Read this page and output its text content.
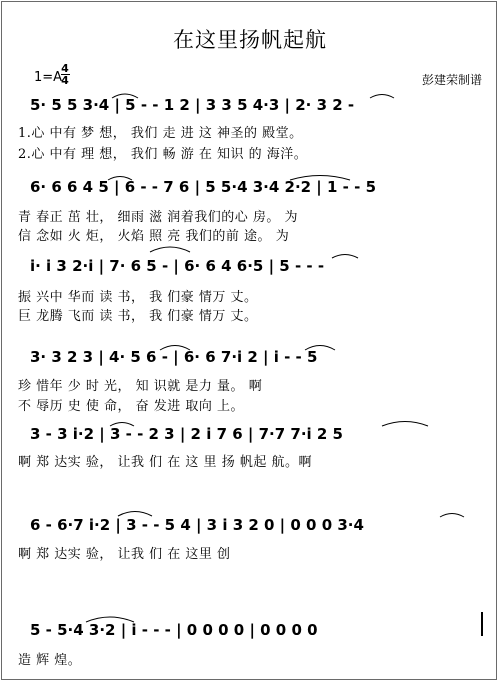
在这里扬帆起航
1=A
4
4	彭建荣制谱
5· 5 5 3·4 | 5 - - 1 2 | 3 3 5 4·3 | 2· 3 2 -
1.心 中有 梦 想， 我们 走 进 这 神圣的 殿堂。
2.心 中有 理 想， 我们 畅 游 在 知识 的 海洋。
6· 6 6 4 5 | 6 - - 7 6 | 5 5·4 3·4 2·2 | 1 - - 5
青 春正 茁 壮， 细雨 滋 润着我们的心 房。 为
信 念如 火 炬， 火焰 照 亮 我们的前 途。 为
i· i 3 2·i | 7· 6 5 - | 6· 6 4 6·5 | 5 - - -
振 兴中 华而 读 书， 我 们豪 情万 丈。
巨 龙腾 飞而 读 书， 我 们豪 情万 丈。
3· 3 2 3 | 4· 5 6 - | 6· 6 7·i 2 | i - - 5
珍 惜年 少 时 光， 知 识就 是力 量。 啊
不 辱历 史 使 命， 奋 发进 取向 上。
3 - 3 i·2 | 3 - - 2 3 | 2 i 7 6 | 7·7 7·i 2 5
啊 郑 达实 验， 让我 们 在 这 里 扬 帆起 航。啊
6 - 6·7 i·2 | 3 - - 5 4 | 3 i 3 2 0 | 0 0 0 3·4
啊 郑 达实 验， 让我 们 在 这里 创
5 - 5·4 3·2 | i - - - | 0 0 0 0 | 0 0 0 0
造 辉 煌。
